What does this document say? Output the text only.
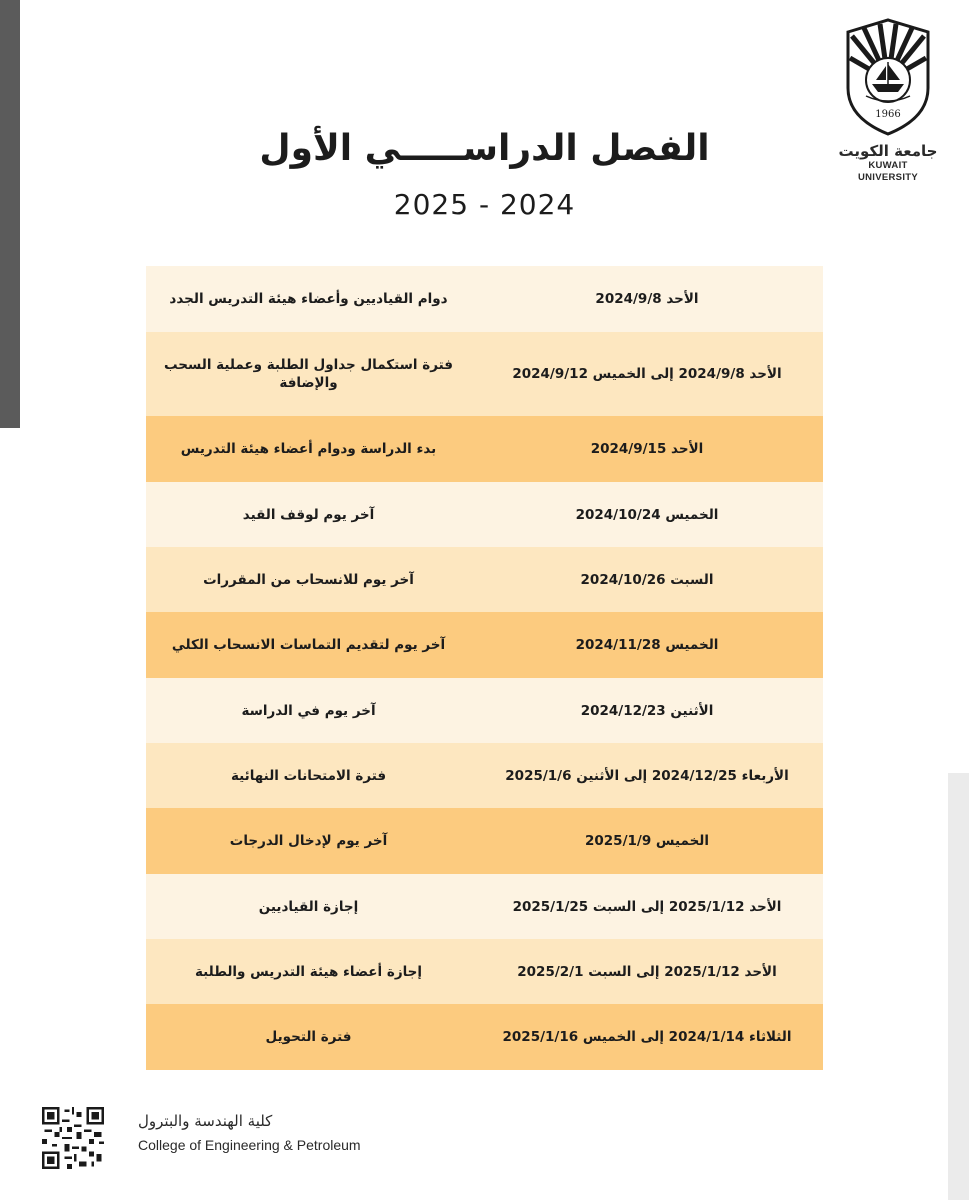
1966
جامعة الكويت
KUWAIT UNIVERSITY
الفصل الدراســـــي الأول
2025 - 2024
الأحد 2024/9/8
دوام القياديين وأعضاء هيئة التدريس الجدد
الأحد 2024/9/8 إلى الخميس 2024/9/12
فترة استكمال جداول الطلبة وعملية السحب والإضافة
الأحد 2024/9/15
بدء الدراسة ودوام أعضاء هيئة التدريس
الخميس 2024/10/24
آخر يوم لوقف القيد
السبت 2024/10/26
آخر يوم للانسحاب من المقررات
الخميس 2024/11/28
آخر يوم لتقديم التماسات الانسحاب الكلي
الأثنين 2024/12/23
آخر يوم في الدراسة
الأربعاء 2024/12/25 إلى الأثنين 2025/1/6
فترة الامتحانات النهائية
الخميس 2025/1/9
آخر يوم لإدخال الدرجات
الأحد 2025/1/12 إلى السبت 2025/1/25
إجازة القياديين
الأحد 2025/1/12 إلى السبت 2025/2/1
إجازة أعضاء هيئة التدريس والطلبة
الثلاثاء 2024/1/14 إلى الخميس 2025/1/16
فترة التحويل
كلية الهندسة والبترول
College of Engineering & Petroleum
